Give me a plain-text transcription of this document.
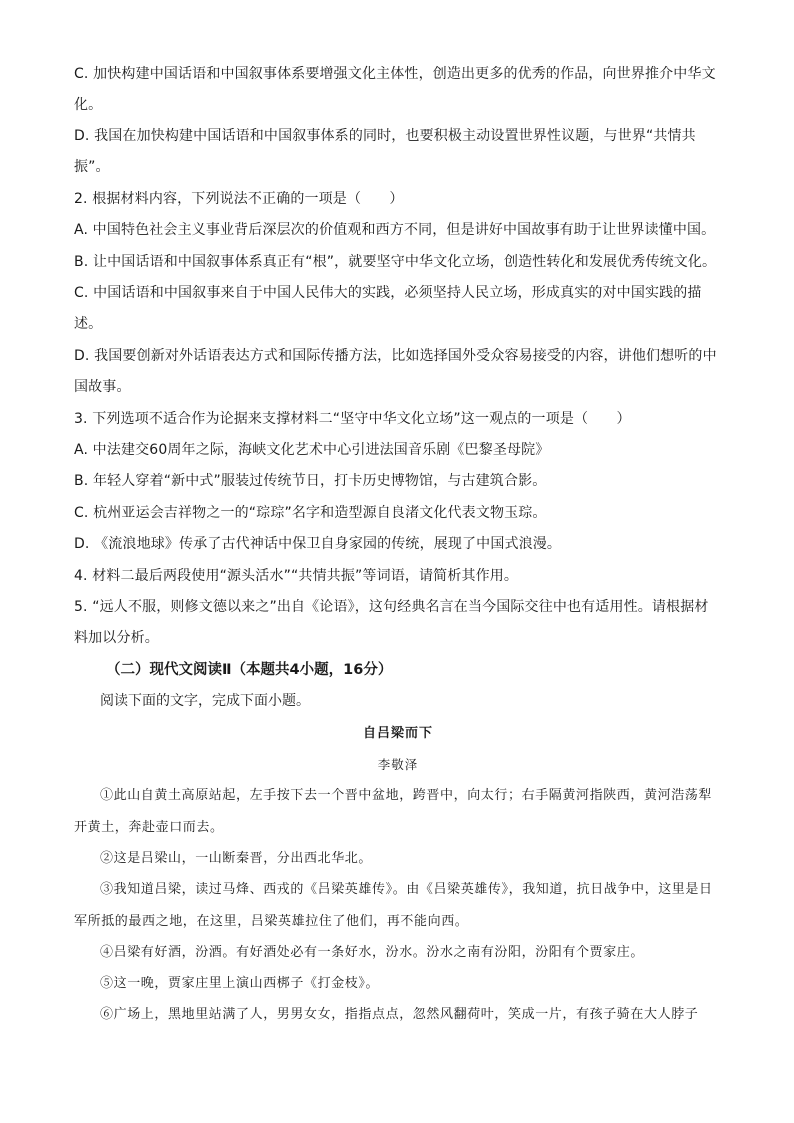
C. 加快构建中国话语和中国叙事体系要增强文化主体性，创造出更多的优秀的作品，向世界推介中华文化。
D. 我国在加快构建中国话语和中国叙事体系的同时，也要积极主动设置世界性议题，与世界“共情共振”。
2. 根据材料内容，下列说法不正确的一项是（　　）
A. 中国特色社会主义事业背后深层次的价值观和西方不同，但是讲好中国故事有助于让世界读懂中国。
B. 让中国话语和中国叙事体系真正有“根”，就要坚守中华文化立场，创造性转化和发展优秀传统文化。
C. 中国话语和中国叙事来自于中国人民伟大的实践，必须坚持人民立场，形成真实的对中国实践的描述。
D. 我国要创新对外话语表达方式和国际传播方法，比如选择国外受众容易接受的内容，讲他们想听的中国故事。
3. 下列选项不适合作为论据来支撑材料二“坚守中华文化立场”这一观点的一项是（　　）
A. 中法建交60周年之际，海峡文化艺术中心引进法国音乐剧《巴黎圣母院》
B. 年轻人穿着“新中式”服装过传统节日，打卡历史博物馆，与古建筑合影。
C. 杭州亚运会吉祥物之一的“琮琮”名字和造型源自良渚文化代表文物玉琮。
D. 《流浪地球》传承了古代神话中保卫自身家园的传统，展现了中国式浪漫。
4. 材料二最后两段使用“源头活水”“共情共振”等词语，请简析其作用。
5. “远人不服，则修文德以来之”出自《论语》，这句经典名言在当今国际交往中也有适用性。请根据材料加以分析。
（二）现代文阅读Ⅱ（本题共4小题，16分）
阅读下面的文字，完成下面小题。
自吕梁而下
李敬泽
①此山自黄土高原站起，左手按下去一个晋中盆地，跨晋中，向太行；右手隔黄河指陕西，黄河浩荡犁开黄土，奔赴壶口而去。
②这是吕梁山，一山断秦晋，分出西北华北。
③我知道吕梁，读过马烽、西戎的《吕梁英雄传》。由《吕梁英雄传》，我知道，抗日战争中，这里是日军所抵的最西之地，在这里，吕梁英雄拉住了他们，再不能向西。
④吕梁有好酒，汾酒。有好酒处必有一条好水，汾水。汾水之南有汾阳，汾阳有个贾家庄。
⑤这一晚，贾家庄里上演山西梆子《打金枝》。
⑥广场上，黑地里站满了人，男男女女，指指点点，忽然风翻荷叶，笑成一片，有孩子骑在大人脖子
